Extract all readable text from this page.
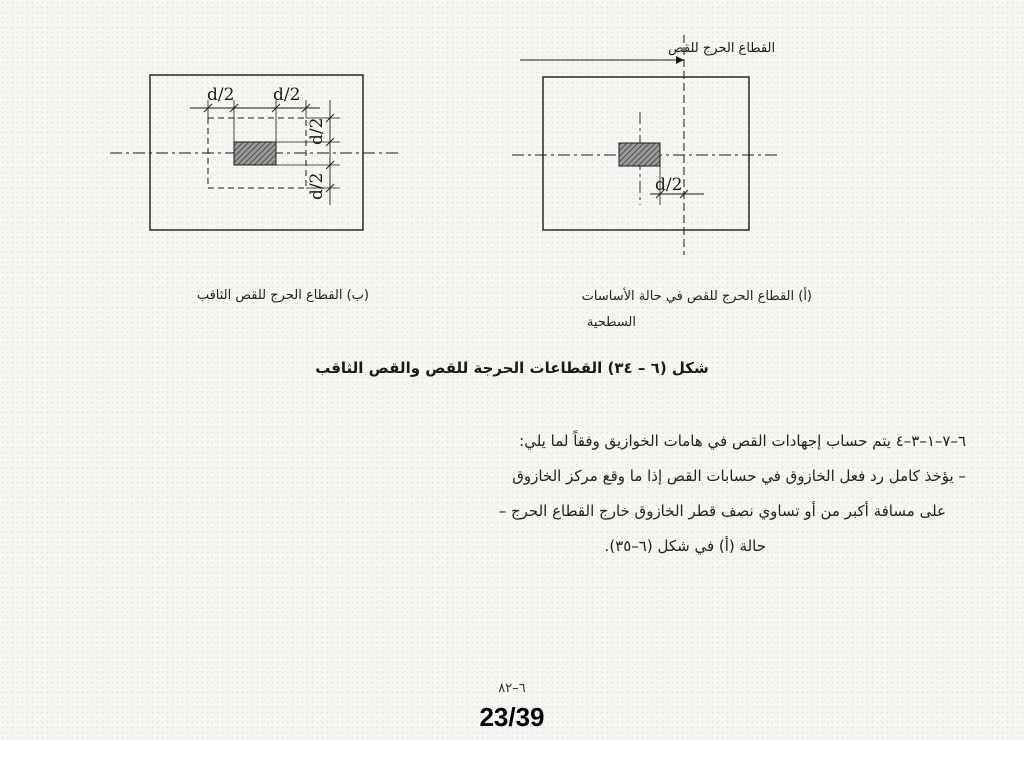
d/2 d/2
d/2
d/2
القطاع الحرج للقص
d/2
(ب) القطاع الحرج للقص الثاقب	(أ) القطاع الحرج للقص في حالة الأساسات
السطحية
شكل (٦ – ٣٤) القطاعات الحرجة للقص والقص الثاقب
٦–٧–١–٣–٤ يتم حساب إجهادات القص في هامات الخوازيق وفقاً لما يلي:
– يؤخذ كامل رد فعل الخازوق في حسابات القص إذا ما وقع مركز الخازوق
على مسافة أكبر من أو تساوي نصف قطر الخازوق خارج القطاع الحرج –
حالة (أ) في شكل (٦–٣٥).
٦–٨٢
23/39
